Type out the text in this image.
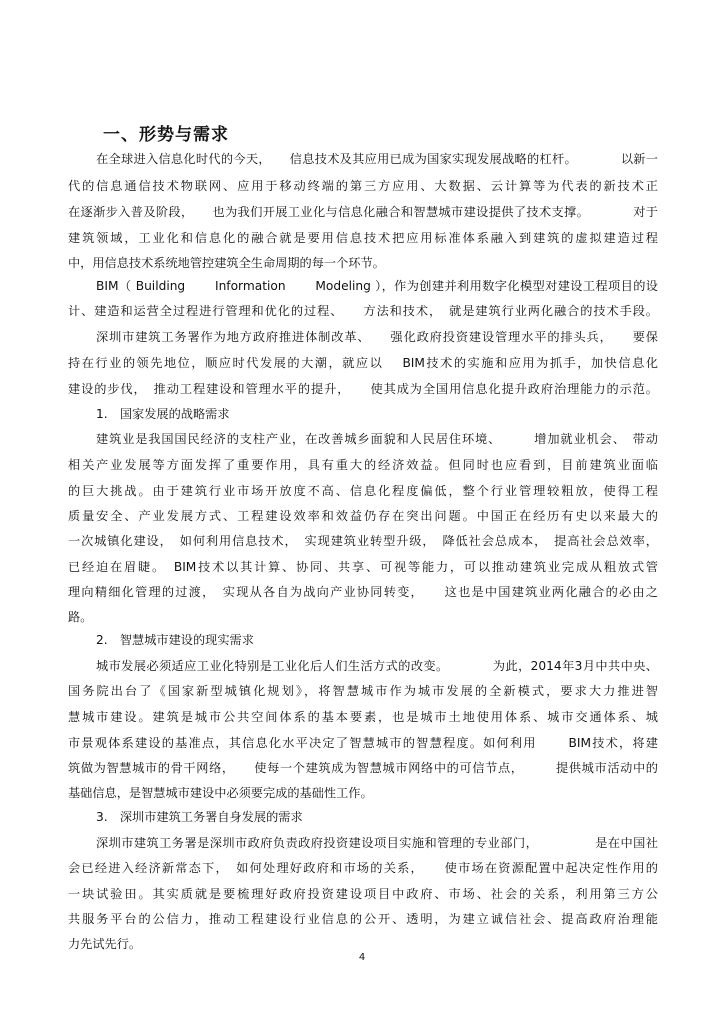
一、形势与需求
在全球进入信息化时代的今天，　　信息技术及其应用已成为国家实现发展战略的杠杆。　　　　以新一
代的信息通信技术物联网、应用于移动终端的第三方应用、大数据、云计算等为代表的新技术正
在逐渐步入普及阶段，　　也为我们开展工业化与信息化融合和智慧城市建设提供了技术支撑。　　　　对于
建筑领域，工业化和信息化的融合就是要用信息技术把应用标准体系融入到建筑的虚拟建造过程
中，用信息技术系统地管控建筑全生命周期的每一个环节。
BIM（ Building　　 Information　　 Modeling ），作为创建并利用数字化模型对建设工程项目的设
计、建造和运营全过程进行管理和优化的过程、　　方法和技术，　就是建筑行业两化融合的技术手段。
深圳市建筑工务署作为地方政府推进体制改革、　　强化政府投资建设管理水平的排头兵，　　要保
持在行业的领先地位，顺应时代发展的大潮，就应以　 BIM技术的实施和应用为抓手，加快信息化
建设的步伐，　推动工程建设和管理水平的提升，　　使其成为全国用信息化提升政府治理能力的示范。
1.　国家发展的战略需求
建筑业是我国国民经济的支柱产业，在改善城乡面貌和人民居住环境、　　　增加就业机会、　带动
相关产业发展等方面发挥了重要作用，具有重大的经济效益。但同时也应看到，目前建筑业面临
的巨大挑战。由于建筑行业市场开放度不高、信息化程度偏低，整个行业管理较粗放，使得工程
质量安全、产业发展方式、工程建设效率和效益仍存在突出问题。中国正在经历有史以来最大的
一次城镇化建设，　如何利用信息技术，　实现建筑业转型升级，　降低社会总成本，　提高社会总效率，
已经迫在眉睫。　BIM技术以其计算、协同、共享、可视等能力，可以推动建筑业完成从粗放式管
理向精细化管理的过渡，　实现从各自为战向产业协同转变，　　这也是中国建筑业两化融合的必由之
路。
2.　智慧城市建设的现实需求
城市发展必须适应工业化特别是工业化后人们生活方式的改变。　　　　为此，2014年3月中共中央、
国务院出台了《国家新型城镇化规划》，将智慧城市作为城市发展的全新模式，要求大力推进智
慧城市建设。建筑是城市公共空间体系的基本要素，也是城市土地使用体系、城市交通体系、城
市景观体系建设的基准点，其信息化水平决定了智慧城市的智慧程度。如何利用　　 BIM技术，将建
筑做为智慧城市的骨干网络，　　使每一个建筑成为智慧城市网络中的可信节点，　　　提供城市活动中的
基础信息，是智慧城市建设中必须要完成的基础性工作。
3.　深圳市建筑工务署自身发展的需求
深圳市建筑工务署是深圳市政府负责政府投资建设项目实施和管理的专业部门，　　　　　是在中国社
会已经进入经济新常态下，　如何处理好政府和市场的关系，　　使市场在资源配置中起决定性作用的
一块试验田。其实质就是要梳理好政府投资建设项目中政府、市场、社会的关系，利用第三方公
共服务平台的公信力，推动工程建设行业信息的公开、透明，为建立诚信社会、提高政府治理能
力先试先行。
4
